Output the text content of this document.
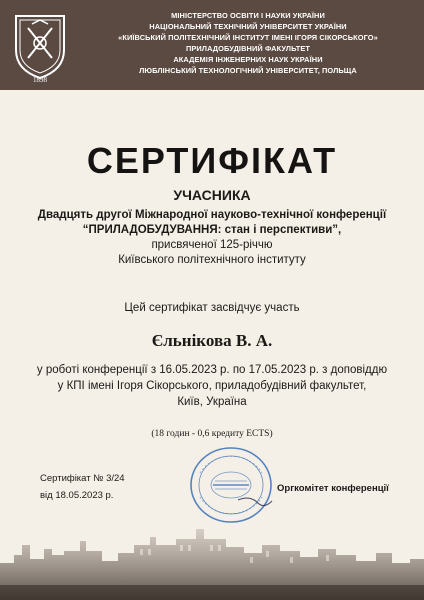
1898
МІНІСТЕРСТВО ОСВІТИ І НАУКИ УКРАЇНИ
НАЦІОНАЛЬНИЙ ТЕХНІЧНИЙ УНІВЕРСИТЕТ УКРАЇНИ
«КИЇВСЬКИЙ ПОЛІТЕХНІЧНИЙ ІНСТИТУТ ІМЕНІ ІГОРЯ СІКОРСЬКОГО»
ПРИЛАДОБУДІВНИЙ ФАКУЛЬТЕТ
АКАДЕМІЯ ІНЖЕНЕРНИХ НАУК УКРАЇНИ
ЛЮБЛІНСЬКИЙ ТЕХНОЛОГІЧНИЙ УНІВЕРСИТЕТ, ПОЛЬЩА
СЕРТИФІКАТ
УЧАСНИКА
Двадцять другої Міжнародної науково-технічної конференції
“ПРИЛАДОБУДУВАННЯ: стан і перспективи”,
присвяченої 125-річчю
Київського політехнічного інституту
Цей сертифікат засвідчує участь
Єльнікова В. А.
у роботі конференції з 16.05.2023 р. по 17.05.2023 р. з доповіддю
у КПІ імені Ігоря Сікорського, приладобудівний факультет,
Київ, Україна
(18 годин - 0,6 кредиту ECTS)
Сертифікат № 3/24
від 18.05.2023 р.
Оргкомітет конференції
